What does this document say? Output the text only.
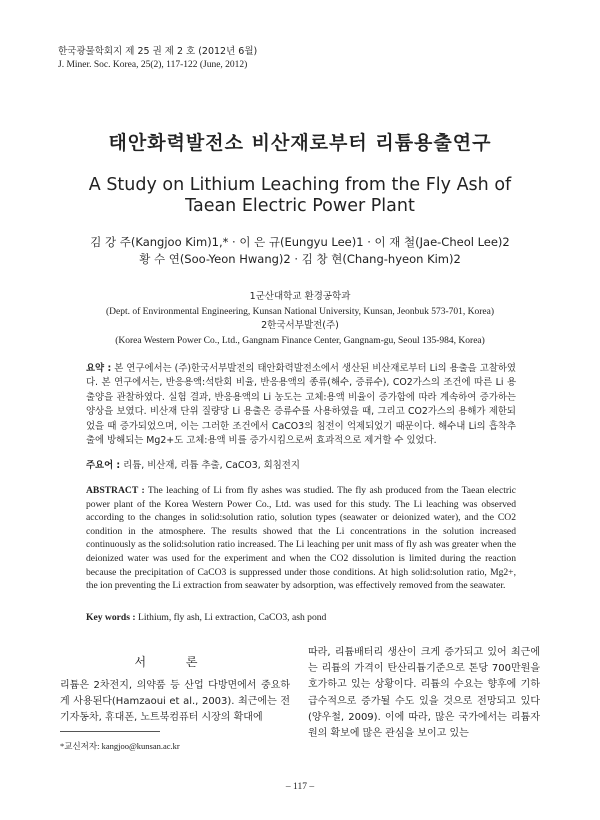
한국광물학회지 제 25 권 제 2 호 (2012년 6월)
J. Miner. Soc. Korea, 25(2), 117-122 (June, 2012)
태안화력발전소 비산재로부터 리튬용출연구
A Study on Lithium Leaching from the Fly Ash of
Taean Electric Power Plant
김 강 주(Kangjoo Kim)1,* · 이 은 규(Eungyu Lee)1 · 이 재 철(Jae-Cheol Lee)2
황 수 연(Soo-Yeon Hwang)2 · 김 창 현(Chang-hyeon Kim)2
1군산대학교 환경공학과
(Dept. of Environmental Engineering, Kunsan National University, Kunsan, Jeonbuk 573-701, Korea)
2한국서부발전(주)
(Korea Western Power Co., Ltd., Gangnam Finance Center, Gangnam-gu, Seoul 135-984, Korea)
요약 : 본 연구에서는 (주)한국서부발전의 태안화력발전소에서 생산된 비산재로부터 Li의 용출을 고찰하였다. 본 연구에서는, 반응용액:석탄회 비율, 반응용액의 종류(해수, 증류수), CO2가스의 조건에 따른 Li 용출양을 관찰하였다. 실험 결과, 반응용액의 Li 농도는 고체:용액 비율이 증가함에 따라 계속하여 증가하는 양상을 보였다. 비산재 단위 질량당 Li 용출은 증류수를 사용하였을 때, 그리고 CO2가스의 용해가 제한되었을 때 증가되었으며, 이는 그러한 조건에서 CaCO3의 침전이 억제되었기 때문이다. 해수내 Li의 흡착추출에 방해되는 Mg2+도 고체:용액 비를 증가시킴으로써 효과적으로 제거할 수 있었다.
주요어 : 리튬, 비산재, 리튬 추출, CaCO3, 회침전지
ABSTRACT : The leaching of Li from fly ashes was studied. The fly ash produced from the Taean electric power plant of the Korea Western Power Co., Ltd. was used for this study. The Li leaching was observed according to the changes in solid:solution ratio, solution types (seawater or deionized water), and the CO2 condition in the atmosphere. The results showed that the Li concentrations in the solution increased continuously as the solid:solution ratio increased. The Li leaching per unit mass of fly ash was greater when the deionized water was used for the experiment and when the CO2 dissolution is limited during the reaction because the precipitation of CaCO3 is suppressed under those conditions. At high solid:solution ratio, Mg2+, the ion preventing the Li extraction from seawater by adsorption, was effectively removed from the seawater.
Key words : Lithium, fly ash, Li extraction, CaCO3, ash pond
서 론
리튬은 2차전지, 의약품 등 산업 다방면에서 중요하게 사용된다(Hamzaoui et al., 2003). 최근에는 전기자동차, 휴대폰, 노트북컴퓨터 시장의 확대에
따라, 리튬배터리 생산이 크게 증가되고 있어 최근에는 리튬의 가격이 탄산리튬기준으로 톤당 700만원을 호가하고 있는 상황이다. 리튬의 수요는 향후에 기하급수적으로 증가될 수도 있을 것으로 전망되고 있다(양우철, 2009). 이에 따라, 많은 국가에서는 리튬자원의 확보에 많은 관심을 보이고 있는
*교신저자: kangjoo@kunsan.ac.kr
– 117 –
